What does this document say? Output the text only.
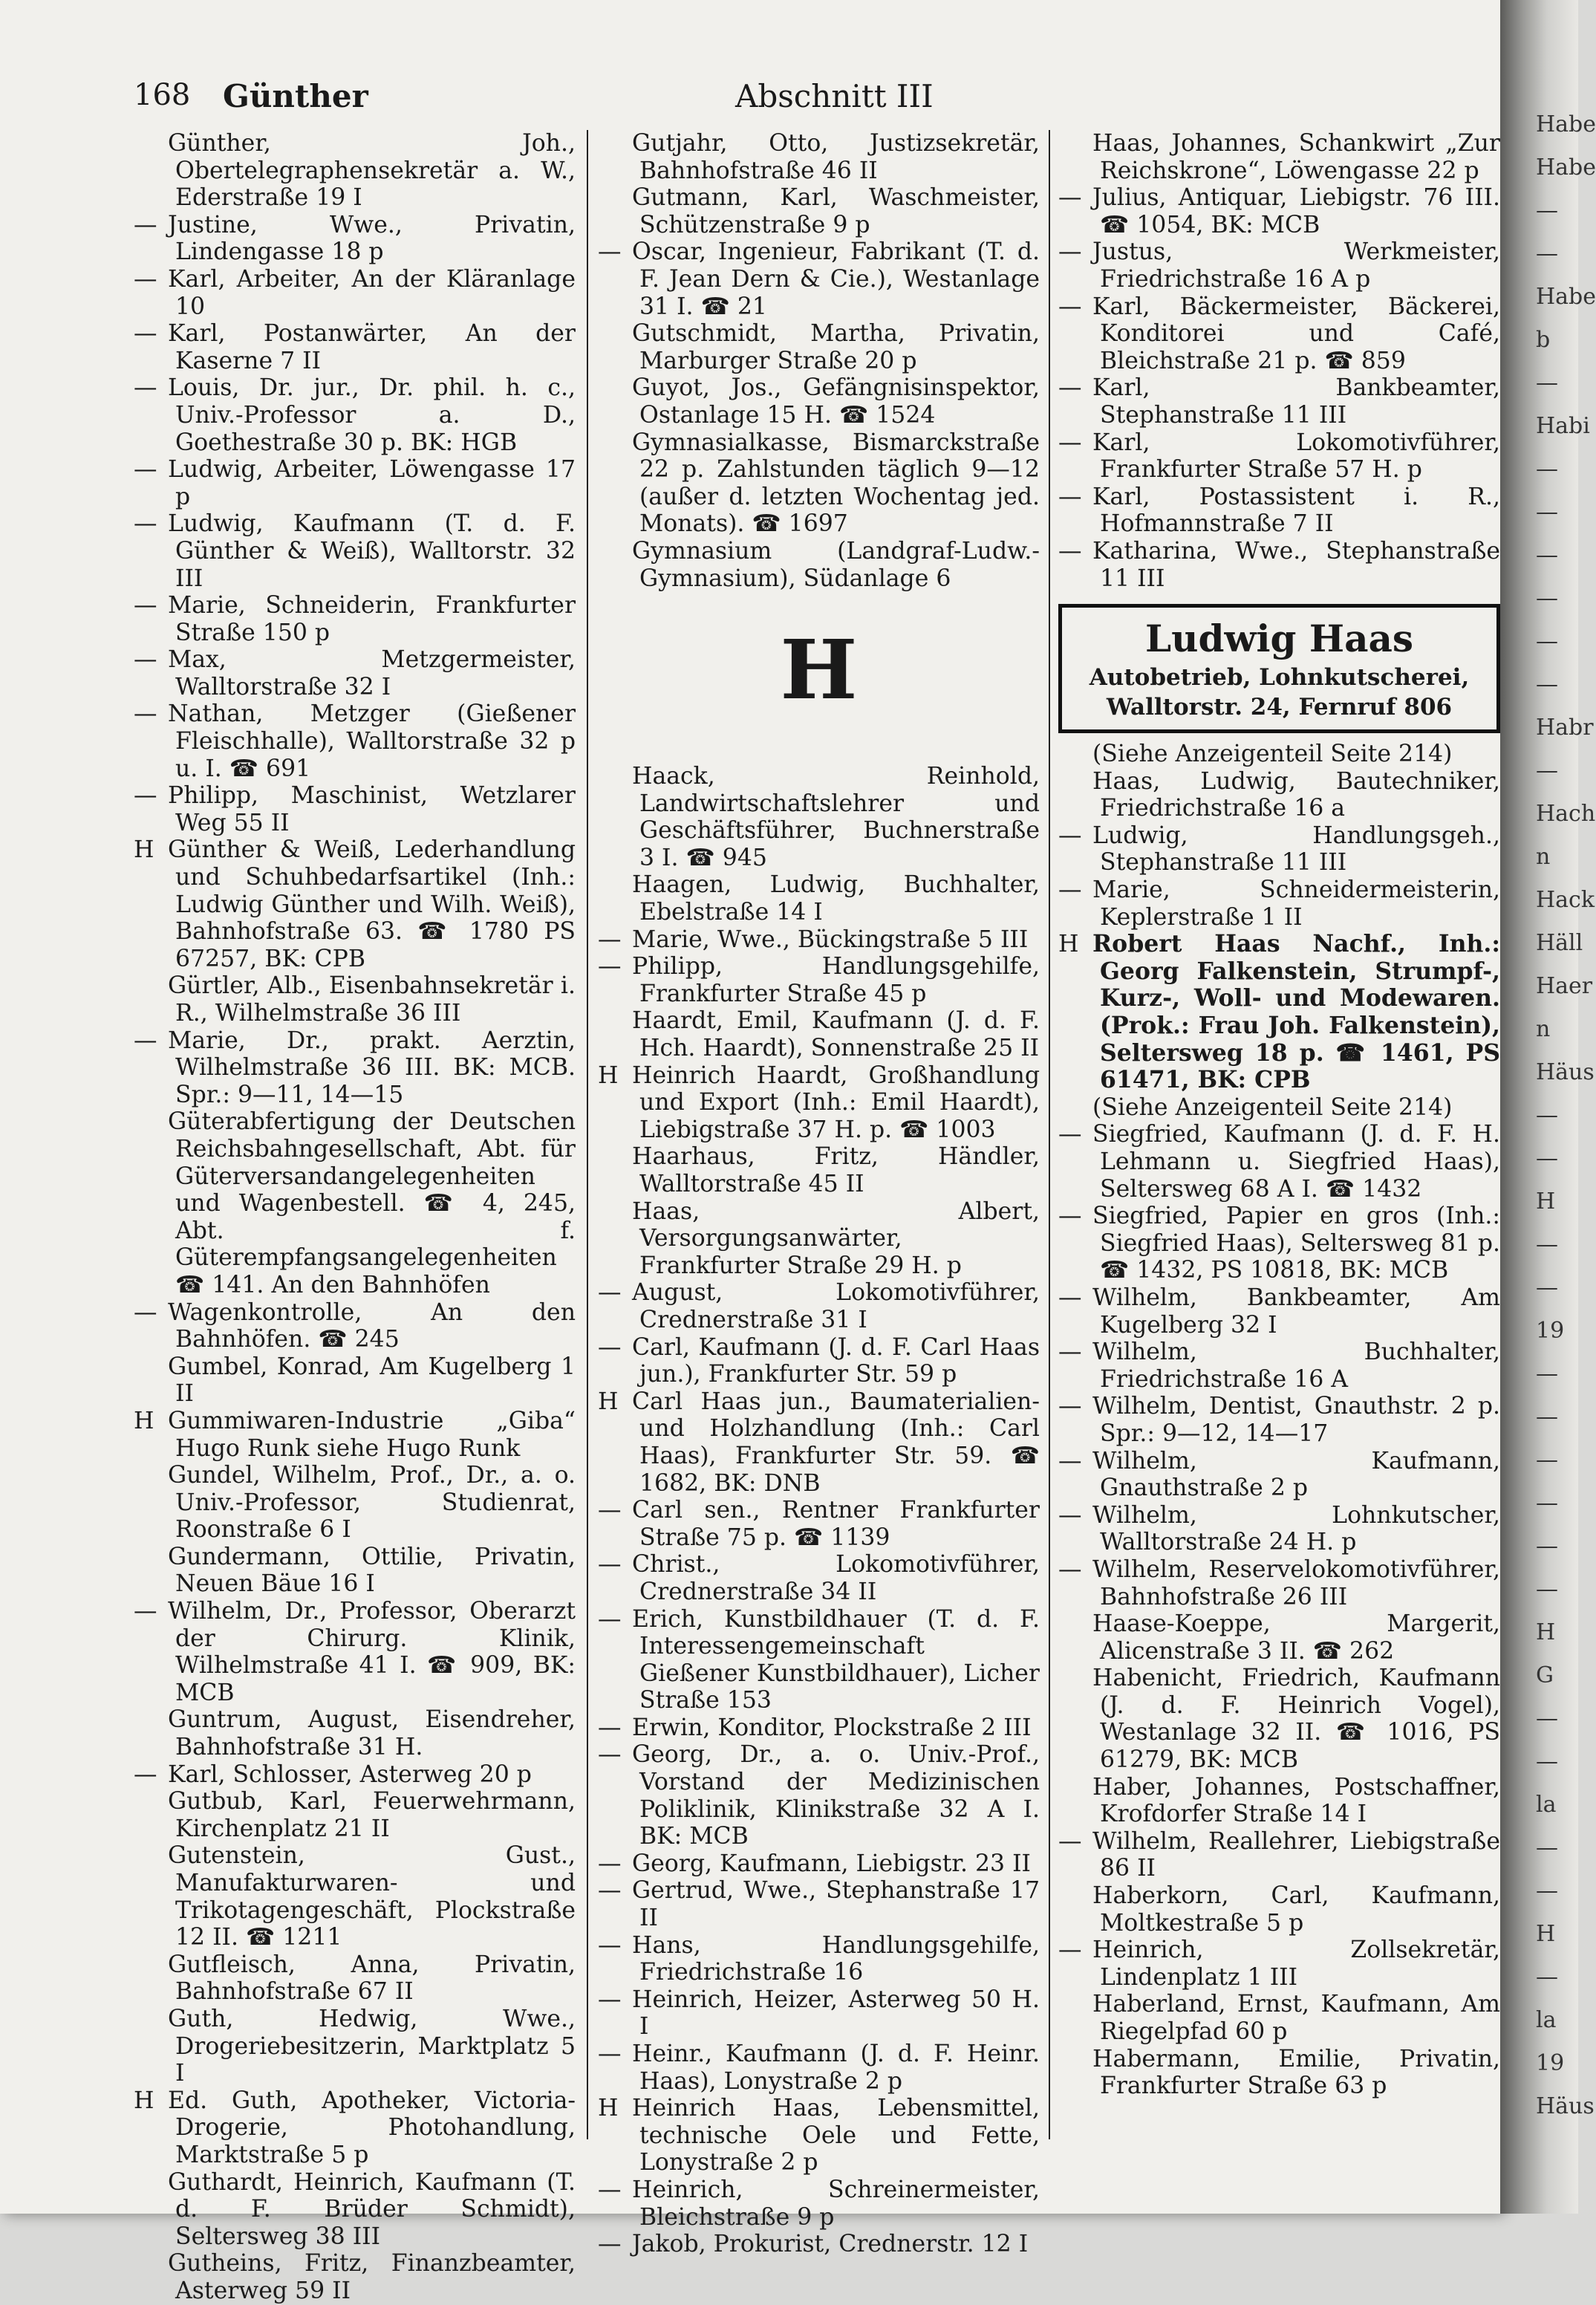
168 Günther	Abschnitt III

Günther, Joh., Obertelegraphensekretär a. W., Ederstraße 19 I

— Justine, Wwe., Privatin, Lindengasse 18 p

— Karl, Arbeiter, An der Kläranlage 10

— Karl, Postanwärter, An der Kaserne 7 II

— Louis, Dr. jur., Dr. phil. h. c., Univ.-Professor a. D., Goethestraße 30 p. BK: HGB

— Ludwig, Arbeiter, Löwengasse 17 p

— Ludwig, Kaufmann (T. d. F. Günther & Weiß), Walltorstr. 32 III

— Marie, Schneiderin, Frankfurter Straße 150 p

— Max, Metzgermeister, Walltorstraße 32 I

— Nathan, Metzger (Gießener Fleischhalle), Walltorstraße 32 p u. I. ☎ 691

— Philipp, Maschinist, Wetzlarer Weg 55 II

H Günther & Weiß, Lederhandlung und Schuhbedarfsartikel (Inh.: Ludwig Günther und Wilh. Weiß), Bahnhofstraße 63. ☎ 1780 PS 67257, BK: CPB

Gürtler, Alb., Eisenbahnsekretär i. R., Wilhelmstraße 36 III

— Marie, Dr., prakt. Aerztin, Wilhelmstraße 36 III. BK: MCB. Spr.: 9—11, 14—15

Güterabfertigung der Deutschen Reichsbahngesellschaft, Abt. für Güterversandangelegenheiten und Wagenbestell. ☎ 4, 245, Abt. f. Güterempfangsangelegenheiten ☎ 141. An den Bahnhöfen

— Wagenkontrolle, An den Bahnhöfen. ☎ 245

Gumbel, Konrad, Am Kugelberg 1 II

H Gummiwaren-Industrie „Giba“ Hugo Runk siehe Hugo Runk

Gundel, Wilhelm, Prof., Dr., a. o. Univ.-Professor, Studienrat, Roonstraße 6 I

Gundermann, Ottilie, Privatin, Neuen Bäue 16 I

— Wilhelm, Dr., Professor, Oberarzt der Chirurg. Klinik, Wilhelmstraße 41 I. ☎ 909, BK: MCB

Guntrum, August, Eisendreher, Bahnhofstraße 31 H.

— Karl, Schlosser, Asterweg 20 p

Gutbub, Karl, Feuerwehrmann, Kirchenplatz 21 II

Gutenstein, Gust., Manufakturwaren- und Trikotagengeschäft, Plockstraße 12 II. ☎ 1211

Gutfleisch, Anna, Privatin, Bahnhofstraße 67 II

Guth, Hedwig, Wwe., Drogeriebesitzerin, Marktplatz 5 I

H Ed. Guth, Apotheker, Victoria-Drogerie, Photohandlung, Marktstraße 5 p

Guthardt, Heinrich, Kaufmann (T. d. F. Brüder Schmidt), Seltersweg 38 III

Gutheins, Fritz, Finanzbeamter, Asterweg 59 II

Gutjahr, Otto, Justizsekretär, Bahnhofstraße 46 II

Gutmann, Karl, Waschmeister, Schützenstraße 9 p

— Oscar, Ingenieur, Fabrikant (T. d. F. Jean Dern & Cie.), Westanlage 31 I. ☎ 21

Gutschmidt, Martha, Privatin, Marburger Straße 20 p

Guyot, Jos., Gefängnisinspektor, Ostanlage 15 H. ☎ 1524

Gymnasialkasse, Bismarckstraße 22 p. Zahlstunden täglich 9—12 (außer d. letzten Wochentag jed. Monats). ☎ 1697

Gymnasium (Landgraf-Ludw.-Gymnasium), Südanlage 6

H

Haack, Reinhold, Landwirtschaftslehrer und Geschäftsführer, Buchnerstraße 3 I. ☎ 945

Haagen, Ludwig, Buchhalter, Ebelstraße 14 I

— Marie, Wwe., Bückingstraße 5 III

— Philipp, Handlungsgehilfe, Frankfurter Straße 45 p

Haardt, Emil, Kaufmann (J. d. F. Hch. Haardt), Sonnenstraße 25 II

H Heinrich Haardt, Großhandlung und Export (Inh.: Emil Haardt), Liebigstraße 37 H. p. ☎ 1003

Haarhaus, Fritz, Händler, Walltorstraße 45 II

Haas, Albert, Versorgungsanwärter, Frankfurter Straße 29 H. p

— August, Lokomotivführer, Crednerstraße 31 I

— Carl, Kaufmann (J. d. F. Carl Haas jun.), Frankfurter Str. 59 p

H Carl Haas jun., Baumaterialien- und Holzhandlung (Inh.: Carl Haas), Frankfurter Str. 59. ☎ 1682, BK: DNB

— Carl sen., Rentner Frankfurter Straße 75 p. ☎ 1139

— Christ., Lokomotivführer, Crednerstraße 34 II

— Erich, Kunstbildhauer (T. d. F. Interessengemeinschaft Gießener Kunstbildhauer), Licher Straße 153

— Erwin, Konditor, Plockstraße 2 III

— Georg, Dr., a. o. Univ.-Prof., Vorstand der Medizinischen Poliklinik, Klinikstraße 32 A I. BK: MCB

— Georg, Kaufmann, Liebigstr. 23 II

— Gertrud, Wwe., Stephanstraße 17 II

— Hans, Handlungsgehilfe, Friedrichstraße 16

— Heinrich, Heizer, Asterweg 50 H. I

— Heinr., Kaufmann (J. d. F. Heinr. Haas), Lonystraße 2 p

H Heinrich Haas, Lebensmittel, technische Oele und Fette, Lonystraße 2 p

— Heinrich, Schreinermeister, Bleichstraße 9 p

— Jakob, Prokurist, Crednerstr. 12 I

Haas, Johannes, Schankwirt „Zur Reichskrone“, Löwengasse 22 p

— Julius, Antiquar, Liebigstr. 76 III. ☎ 1054, BK: MCB

— Justus, Werkmeister, Friedrichstraße 16 A p

— Karl, Bäckermeister, Bäckerei, Konditorei und Café, Bleichstraße 21 p. ☎ 859

— Karl, Bankbeamter, Stephanstraße 11 III

— Karl, Lokomotivführer, Frankfurter Straße 57 H. p

— Karl, Postassistent i. R., Hofmannstraße 7 II

— Katharina, Wwe., Stephanstraße 11 III

Ludwig Haas
Autobetrieb, Lohnkutscherei,
Walltorstr. 24, Fernruf 806

(Siehe Anzeigenteil Seite 214)

Haas, Ludwig, Bautechniker, Friedrichstraße 16 a

— Ludwig, Handlungsgeh., Stephanstraße 11 III

— Marie, Schneidermeisterin, Keplerstraße 1 II

H Robert Haas Nachf., Inh.: Georg Falkenstein, Strumpf-, Kurz-, Woll- und Modewaren. (Prok.: Frau Joh. Falkenstein), Seltersweg 18 p. ☎ 1461, PS 61471, BK: CPB

(Siehe Anzeigenteil Seite 214)

— Siegfried, Kaufmann (J. d. F. H. Lehmann u. Siegfried Haas), Seltersweg 68 A I. ☎ 1432

— Siegfried, Papier en gros (Inh.: Siegfried Haas), Seltersweg 81 p. ☎ 1432, PS 10818, BK: MCB

— Wilhelm, Bankbeamter, Am Kugelberg 32 I

— Wilhelm, Buchhalter, Friedrichstraße 16 A

— Wilhelm, Dentist, Gnauthstr. 2 p. Spr.: 9—12, 14—17

— Wilhelm, Kaufmann, Gnauthstraße 2 p

— Wilhelm, Lohnkutscher, Walltorstraße 24 H. p

— Wilhelm, Reservelokomotivführer, Bahnhofstraße 26 III

Haase-Koeppe, Margerit, Alicenstraße 3 II. ☎ 262

Habenicht, Friedrich, Kaufmann (J. d. F. Heinrich Vogel), Westanlage 32 II. ☎ 1016, PS 61279, BK: MCB

Haber, Johannes, Postschaffner, Krofdorfer Straße 14 I

— Wilhelm, Reallehrer, Liebigstraße 86 II

Haberkorn, Carl, Kaufmann, Moltkestraße 5 p

— Heinrich, Zollsekretär, Lindenplatz 1 III

Haberland, Ernst, Kaufmann, Am Riegelpfad 60 p

Habermann, Emilie, Privatin, Frankfurter Straße 63 p

Habe
Habe
—
—
Habe
b
—
Habi
—
—
—
—
—
—
Habr
—
Hach
n
Hack
Häll
Haer
n
Häus
—
—
H
—
—
19
—
—
—
—
—
—
H
G
—
—
la
—
—
H
—
la
19
Häus
